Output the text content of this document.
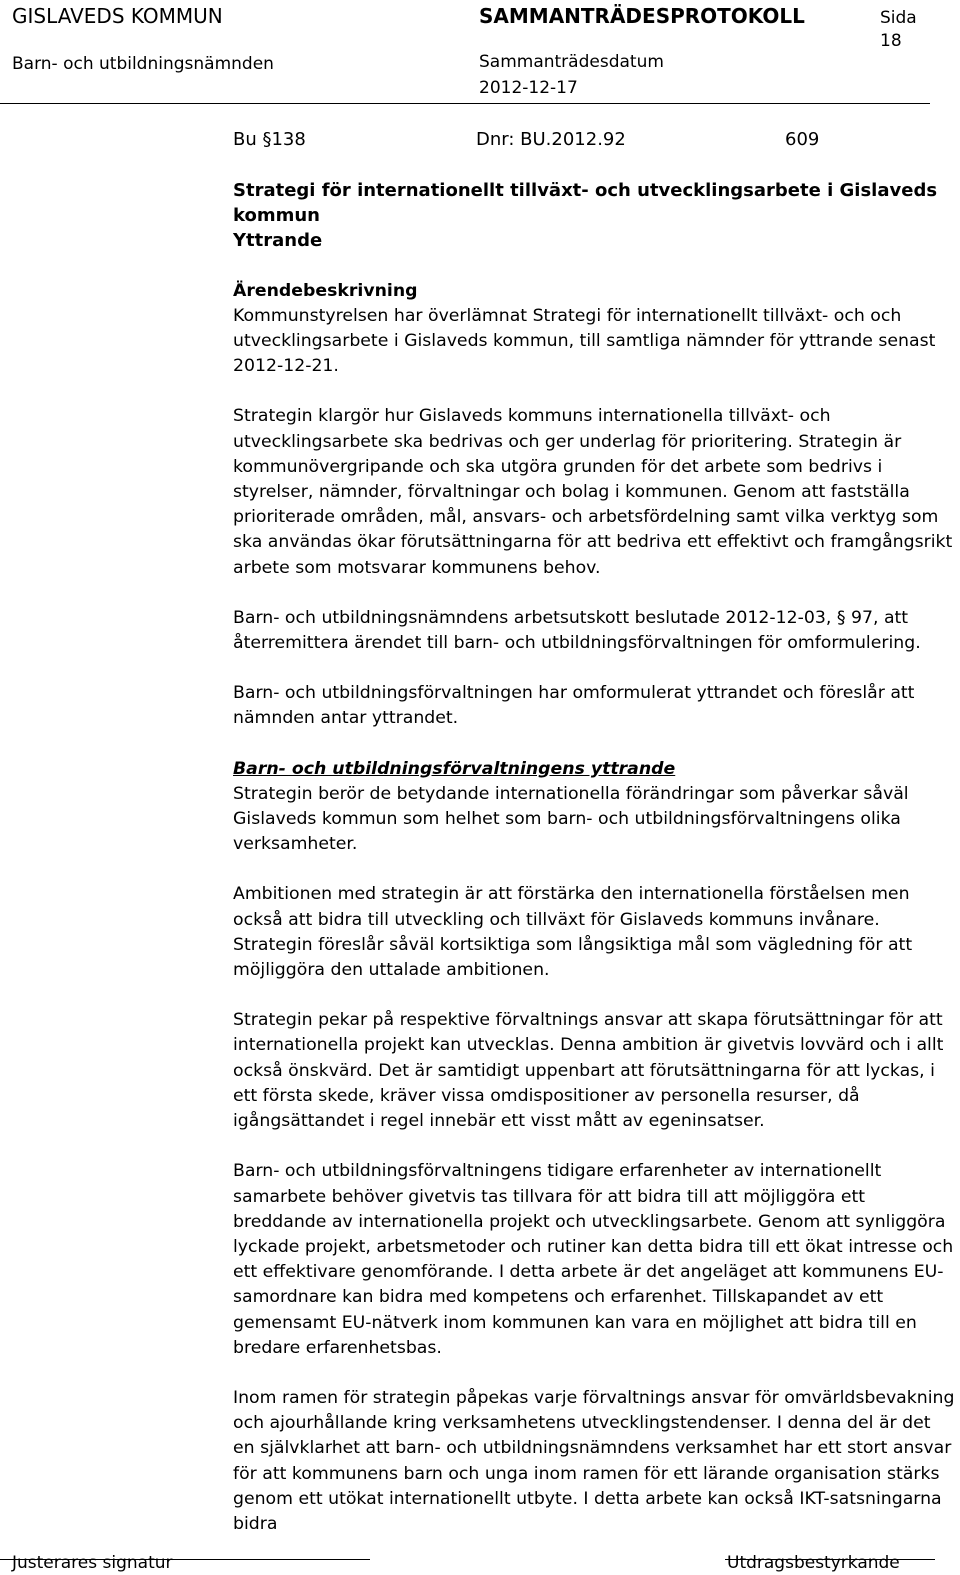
GISLAVEDS KOMMUN
Barn- och utbildningsnämnden
SAMMANTRÄDESPROTOKOLL
Sammanträdesdatum
2012-12-17
Sida
18
Bu §138	Dnr: BU.2012.92	609
Strategi för internationellt tillväxt- och utvecklingsarbete i Gislaveds
kommun
Yttrande
Ärendebeskrivning

Kommunstyrelsen har överlämnat Strategi för internationellt tillväxt- och och utvecklingsarbete i Gislaveds kommun, till samtliga nämnder för yttrande senast 2012-12-21.

Strategin klargör hur Gislaveds kommuns internationella tillväxt- och utvecklingsarbete ska bedrivas och ger underlag för prioritering. Strategin är kommunövergripande och ska utgöra grunden för det arbete som bedrivs i styrelser, nämnder, förvaltningar och bolag i kommunen. Genom att fastställa prioriterade områden, mål, ansvars- och arbetsfördelning samt vilka verktyg som ska användas ökar förutsättningarna för att bedriva ett effektivt och framgångsrikt arbete som motsvarar kommunens behov.

Barn- och utbildningsnämndens arbetsutskott beslutade 2012-12-03, § 97, att återremittera ärendet till barn- och utbildningsförvaltningen för omformulering.

Barn- och utbildningsförvaltningen har omformulerat yttrandet och föreslår att nämnden antar yttrandet.

Barn- och utbildningsförvaltningens yttrande

Strategin berör de betydande internationella förändringar som påverkar såväl Gislaveds kommun som helhet som barn- och utbildningsförvaltningens olika verksamheter.

Ambitionen med strategin är att förstärka den internationella förståelsen men också att bidra till utveckling och tillväxt för Gislaveds kommuns invånare. Strategin föreslår såväl kortsiktiga som långsiktiga mål som vägledning för att möjliggöra den uttalade ambitionen.

Strategin pekar på respektive förvaltnings ansvar att skapa förutsättningar för att internationella projekt kan utvecklas. Denna ambition är givetvis lovvärd och i allt också önskvärd. Det är samtidigt uppenbart att förutsättningarna för att lyckas, i ett första skede, kräver vissa omdispositioner av personella resurser, då igångsättandet i regel innebär ett visst mått av egeninsatser.

Barn- och utbildningsförvaltningens tidigare erfarenheter av internationellt samarbete behöver givetvis tas tillvara för att bidra till att möjliggöra ett breddande av internationella projekt och utvecklingsarbete. Genom att synliggöra lyckade projekt, arbetsmetoder och rutiner kan detta bidra till ett ökat intresse och ett effektivare genomförande. I detta arbete är det angeläget att kommunens EU-samordnare kan bidra med kompetens och erfarenhet. Tillskapandet av ett gemensamt EU-nätverk inom kommunen kan vara en möjlighet att bidra till en bredare erfarenhetsbas.

Inom ramen för strategin påpekas varje förvaltnings ansvar för omvärldsbevakning och ajourhållande kring verksamhetens utvecklingstendenser. I denna del är det en självklarhet att barn- och utbildningsnämndens verksamhet har ett stort ansvar för att kommunens barn och unga inom ramen för ett lärande organisation stärks genom ett utökat internationellt utbyte. I detta arbete kan också IKT-satsningarna bidra

Justerares signatur	Utdragsbestyrkande
